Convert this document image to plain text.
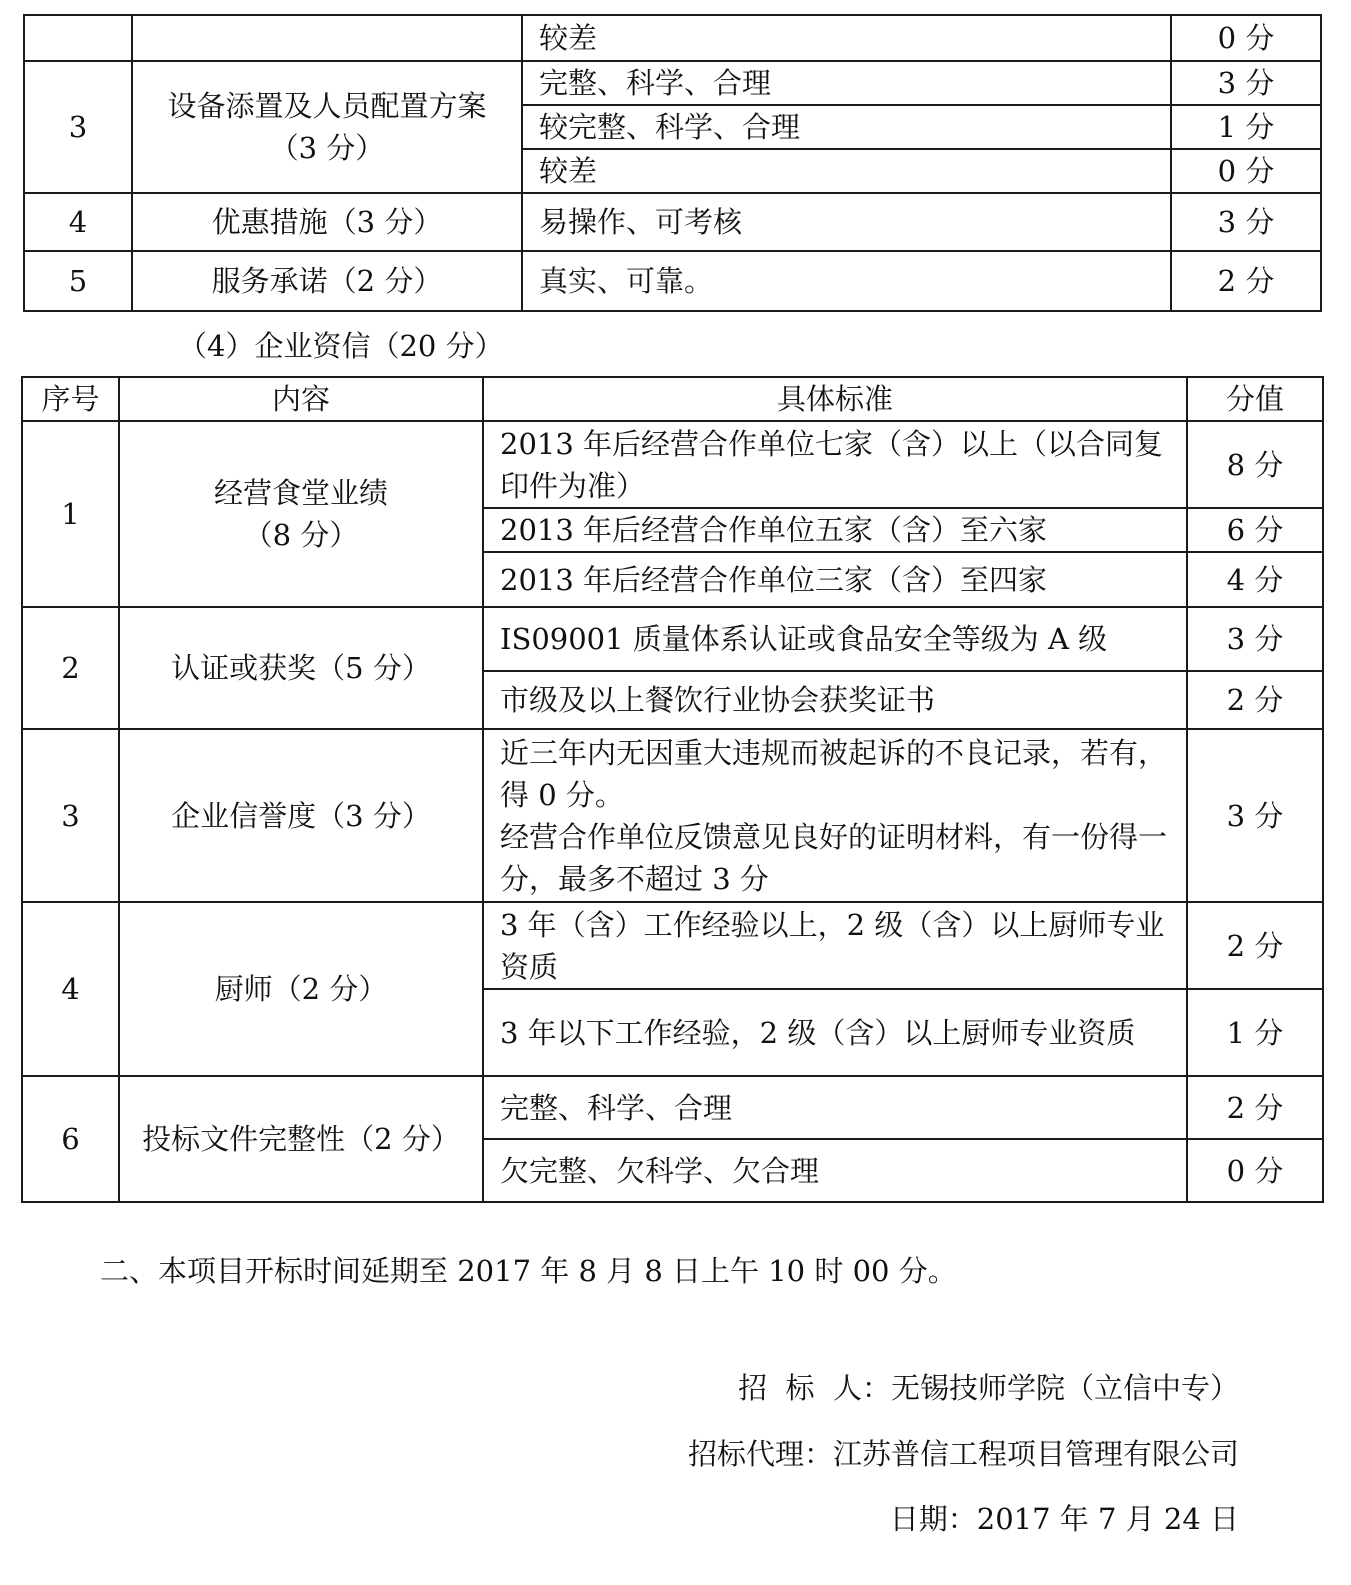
		较差	0 分
3	设备添置及人员配置方案（3 分）	完整、科学、合理	3 分
		较完整、科学、合理	1 分
		较差	0 分
4	优惠措施（3 分）	易操作、可考核	3 分
5	服务承诺（2 分）	真实、可靠。	2 分
（4）企业资信（20 分）
序号	内容	具体标准	分值
1	经营食堂业绩（8 分）	2013 年后经营合作单位七家（含）以上（以合同复印件为准）	8 分
		2013 年后经营合作单位五家（含）至六家	6 分
		2013 年后经营合作单位三家（含）至四家	4 分
2	认证或获奖（5 分）	IS09001 质量体系认证或食品安全等级为 A 级	3 分
		市级及以上餐饮行业协会获奖证书	2 分
3	企业信誉度（3 分）	近三年内无因重大违规而被起诉的不良记录，若有，得 0 分。
经营合作单位反馈意见良好的证明材料，有一份得一分，最多不超过 3 分	3 分
4	厨师（2 分）	3 年（含）工作经验以上，2 级（含）以上厨师专业资质	2 分
		3 年以下工作经验，2 级（含）以上厨师专业资质	1 分
6	投标文件完整性（2 分）	完整、科学、合理	2 分
		欠完整、欠科学、欠合理	0 分
二、本项目开标时间延期至 2017 年 8 月 8 日上午 10 时 00 分。
招  标  人：无锡技师学院（立信中专）
招标代理：江苏普信工程项目管理有限公司
日期：2017 年 7 月 24 日
